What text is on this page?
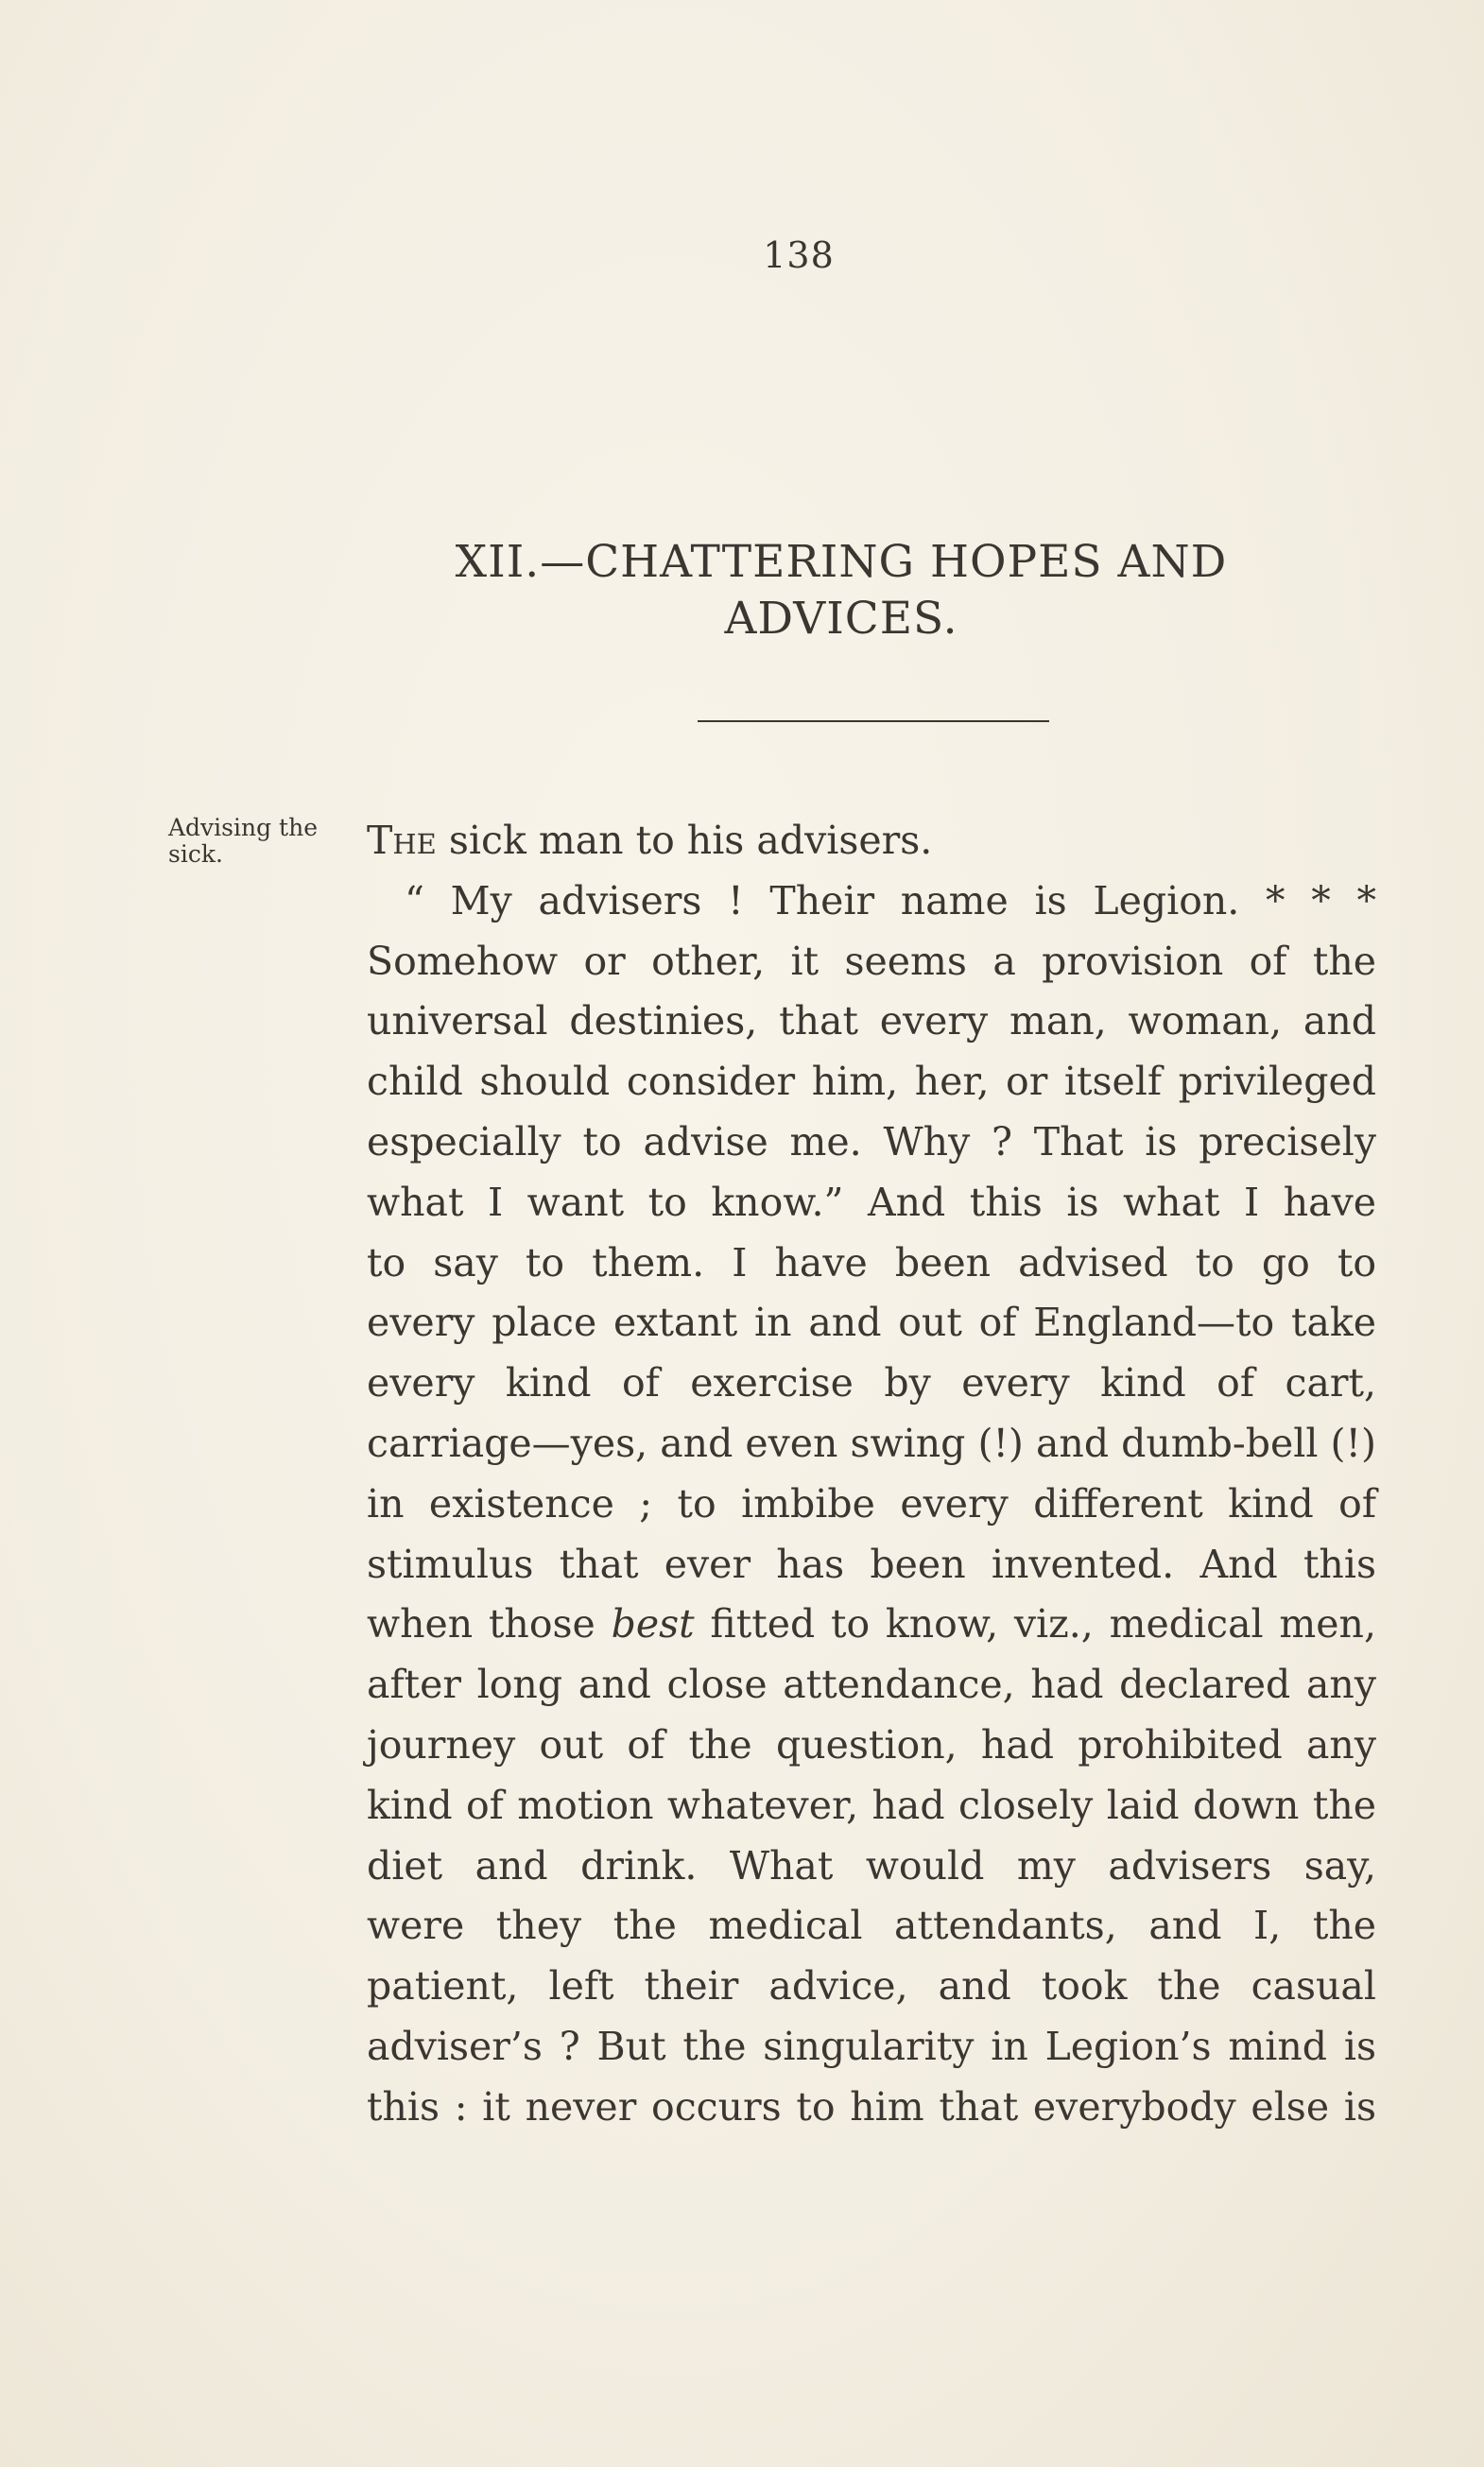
138
XII.—CHATTERING HOPES AND
ADVICES.
Advising the
sick.	The sick man to his advisers.
“ My advisers ! Their name is Legion. * * *
Somehow or other, it seems a provision of the
universal destinies, that every man, woman, and
child should consider him, her, or itself privileged
especially to advise me. Why ? That is precisely
what I want to know.” And this is what I have
to say to them. I have been advised to go to
every place extant in and out of England—to take
every kind of exercise by every kind of cart,
carriage—yes, and even swing (!) and dumb-bell (!)
in existence ; to imbibe every different kind of
stimulus that ever has been invented. And this
when those best fitted to know, viz., medical men,
after long and close attendance, had declared any
journey out of the question, had prohibited any
kind of motion whatever, had closely laid down the
diet and drink. What would my advisers say,
were they the medical attendants, and I, the
patient, left their advice, and took the casual
adviser’s ? But the singularity in Legion’s mind is
this : it never occurs to him that everybody else is
